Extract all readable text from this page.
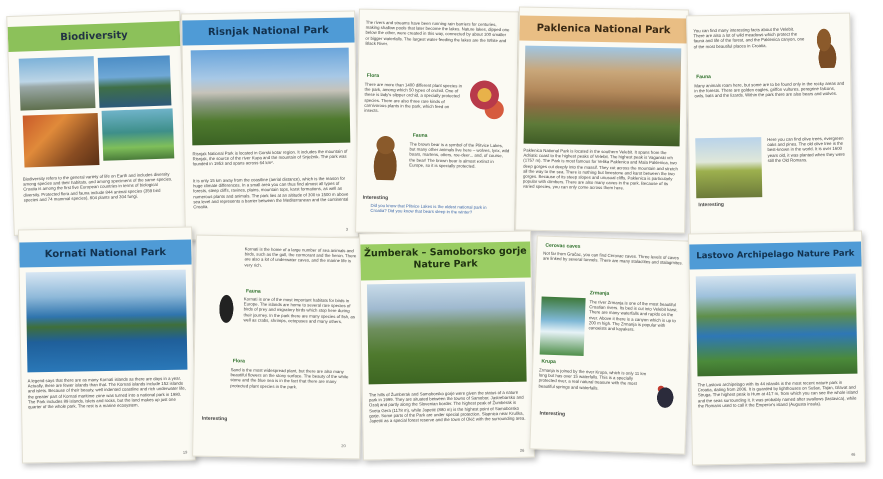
Biodiversity
Biodiversity refers to the general variety of life on Earth and includes diversity among species and their habitats, and among specimens of the same species. Croatia is among the first five European countries in terms of biological diversity. Protected flora and fauna include 844 animal species (359 bird species and 74 mammal species), 804 plants and 304 fungi.
Risnjak National Park
Risnjak National Park is located in Gorski kotar region. It includes the mountain of Risnjak, the source of the river Kupa and the mountain of Snježnik. The park was founded in 1953 and spans across 64 km².
It is only 15 km away from the coastline (aerial distance), which is the reason for huge climate differences. In a small area you can thus find almost all types of forests, steep cliffs, ravines, plains, mountain tops, karst formations, as well as numerous plants and animals. The park lies at an altitude of 300 to 1500 m above sea level and represents a barrier between the Mediterranean and the continental Croatia.
3
The rivers and streams have been running rain barriers for centuries, making shallow pools that later become the lakes. Nature lakes, dipped one below the other, were created in this way, connected by about 100 smaller or bigger waterfalls. The largest water-feeding the lakes are the White and Black River.
Flora
There are more than 1400 different plant species in the park, among which 50 types of orchid. One of these is lady's slipper orchid, a specially protected species. There are also three rare kinds of carnivorous plants in the park, which feed on insects.
Fauna
The brown bear is a symbol of the Plitvice Lakes, but many other animals live here – wolves, lynx, wild boars, martens, otters, roe-deer... and, of course, the bear! The brown bear is almost extinct in Europe, so it is specially protected.
Interesting
Did you know that Plitvice Lakes is the oldest national park in Croatia? Did you know that bears sleep in the winter?
Paklenica National Park
Paklenica National Park is located in the southern Velebit. It spans from the Adriatic coast to the highest peaks of Velebit. The highest peak is Vaganski vrh (1757 m). The Park is most famous for Velika Paklenica and Mala Paklenica, two deep gorges cut deeply into the massif. They cut across the mountain and stretch all the way to the sea. There is nothing but limestone and karst between the two gorges. Because of its steep slopes and unusual cliffs, Paklenica is particularly popular with climbers. There are also many caves in the park. Because of its varied species, you can only come across them here.
You can find many interesting facts about the Velebit. There are also a lot of wild meadows which protect the fauna and life of the forest, and the Paklenica canyon, one of the most beautiful places in Croatia.
Fauna
Many animals roam here, but some are to be found only in the rocky areas and in the forests. There are golden eagles, griffon vultures, peregrine falcons, owls, bats and the lizards. Within the park there are also bears and wolves.
Here you can find olive trees, evergreen oaks and pines. The old olive tree is the best-known in the world. It is over 1600 years old, it was planted when they were still the Old Romans.
Interesting
Kornati National Park
A legend says that there are as many Kornati islands as there are days in a year. Actually, there are fewer islands than that. The Kornati islands include 152 islands and islets. Because of their beauty, well indented coastline and rich underwater life, the greater part of Kornati maritime zone was turned into a national park in 1980. The Park includes 89 islands, islets and rocks, but the land makes up just one quarter of the whole park. The rest is a marine ecosystem.
19
Kornati is the home of a large number of sea animals and birds, such as the gull, the cormorant and the heron. There are also a lot of underwater caves, and the marine life is very rich.
Fauna
Kornati is one of the most important habitats for birds in Europe. The islands are home to several rare species of birds of prey and migratory birds which stop here during their journey. In the park there are many species of fish, as well as crabs, shrimps, octopuses and many others.
Flora
Sand is the most widespread plant, but there are also many beautiful flowers on the stony surface. The beauty of the white stone and the blue sea is in the fact that there are many protected plant species in the park.
Interesting
20
Žumberak – Samoborsko gorje
Nature Park
The hills of Žumberak and Samoborsko gorje were given the status of a nature park in 1999. They are situated between the towns of Samobor, Jastrebarsko and Ozalj and partly along the Slovenian border. The highest peak of Žumberak is Sveta Gera (1178 m), while Japetić (880 m) is the highest point of Samoborsko gorje. Some parts of the Park are under special protection. Slapnica near Kruška, Japetić as a special forest reserve and the town of Okić with the surrounding area.
26
Cerovac caves
Not far from Gračac, you can find Cerovac caves. Three levels of caves are linked by several tunnels. There are many stalactites and stalagmites.
Zrmanja
The river Zrmanja is one of the most beautiful Croatian rivers. Its bed is cut into Velebit karst. There are many waterfalls and rapids on the river. Above it there is a canyon which is up to 200 m high. The Zrmanja is popular with canoeists and kayakers.
Krupa
Zrmanja is joined by the river Krupa, which is only 11 km long but has over 15 waterfalls. This is a specially protected river, a real natural treasure with the most beautiful springs and waterfalls.
Interesting
Lastovo Archipelago Nature Park
The Lastovo archipelago with its 44 islands is the most recent nature park in Croatia, dating from 2006. It is guarded by lighthouses on Sušac, Tajan, Glavat and Struga. The highest peak is Hum at 417 m, from which you can see the whole island and the seas surrounding it. It was probably named after swallows (lastavica), while the Romans used to call it the Emperor's island (Augusta insula).
46
